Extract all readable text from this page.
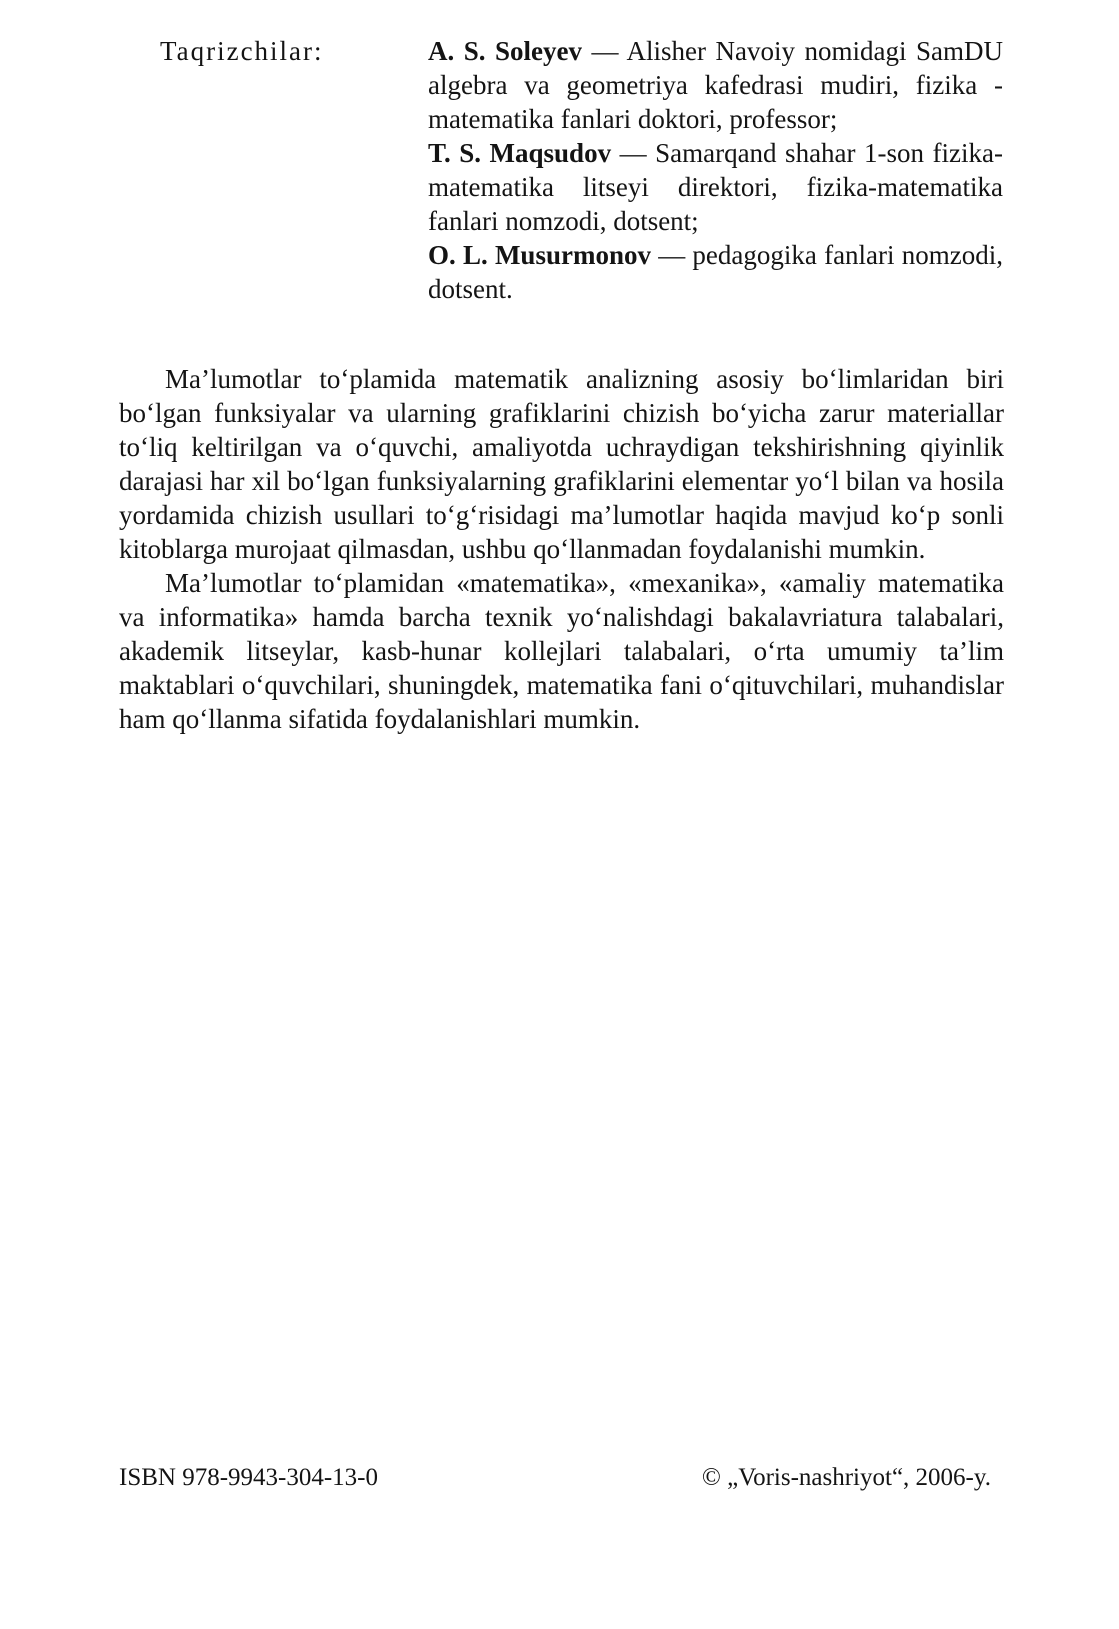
Taqrizchilar:	A. S. Soleyev — Alisher Navoiy nomidagi SamDU algebra va geometriya kafedrasi mudiri, fizika - matematika fanlari doktori, professor;
T. S. Maqsudov — Samarqand shahar 1-son fizika-matematika litseyi direktori, fizika-matematika fanlari nomzodi, dotsent;
O. L. Musurmonov — pedagogika fanlari nomzodi, dotsent.

Ma’lumotlar to‘plamida matematik analizning asosiy bo‘limlaridan biri bo‘lgan funksiyalar va ularning grafiklarini chizish bo‘yicha zarur materiallar to‘liq keltirilgan va o‘quvchi, amaliyotda uchraydigan tekshirishning qiyinlik darajasi har xil bo‘lgan funksiyalarning grafiklarini elementar yo‘l bilan va hosila yordamida chizish usullari to‘g‘risidagi ma’lumotlar haqida mavjud ko‘p sonli kitoblarga murojaat qilmasdan, ushbu qo‘llanmadan foydalanishi mumkin.

Ma’lumotlar to‘plamidan «matematika», «mexanika», «amaliy matematika va informatika» hamda barcha texnik yo‘nalishdagi bakalavriatura talabalari, akademik litseylar, kasb-hunar kollejlari talabalari, o‘rta umumiy ta’lim maktablari o‘quvchilari, shuningdek, matematika fani o‘qituvchilari, muhandislar ham qo‘llanma sifatida foydalanishlari mumkin.

ISBN 978-9943-304-13-0	© „Voris-nashriyot“, 2006-y.
